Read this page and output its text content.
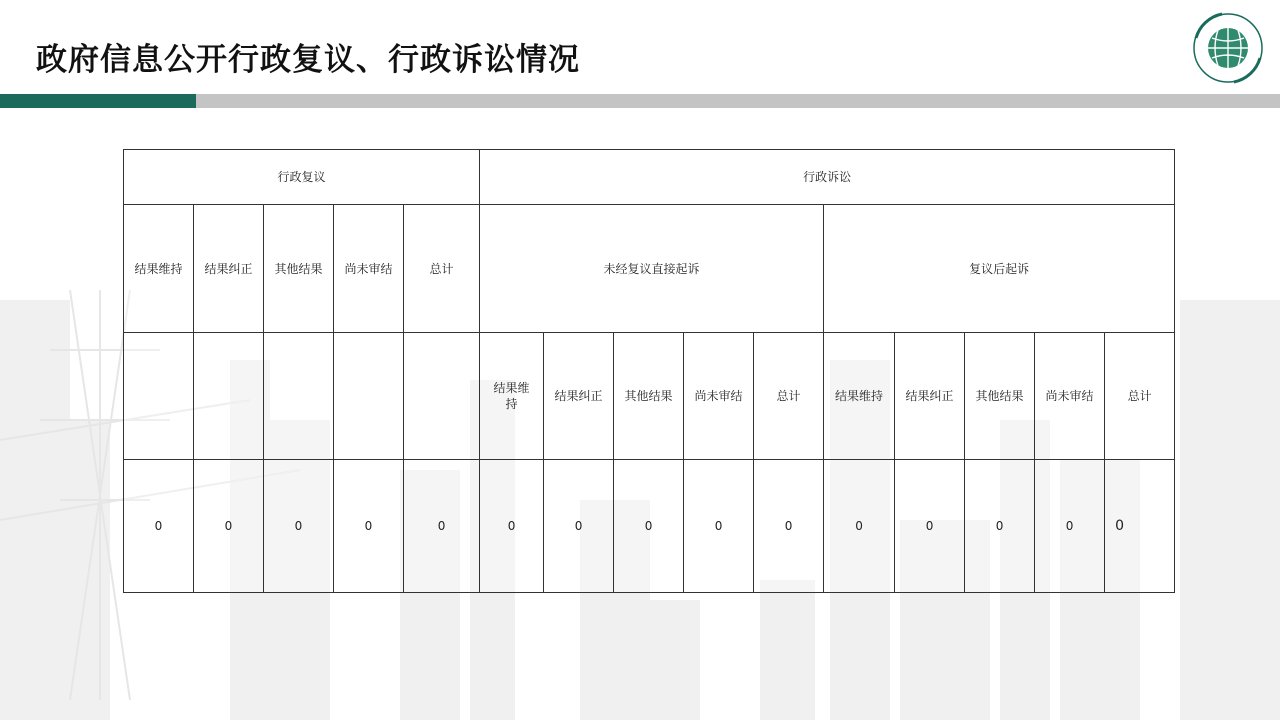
政府信息公开行政复议、行政诉讼情况
行政复议					行政诉讼									
结果维持	结果纠正	其他结果	尚未审结	总计	未经复议直接起诉					复议后起诉				
					结果维
持	结果纠正	其他结果	尚未审结	总计	结果维持	结果纠正	其他结果	尚未审结	总计
0	0	0	0	0	0	0	0	0	0	0	0	0	0	0
